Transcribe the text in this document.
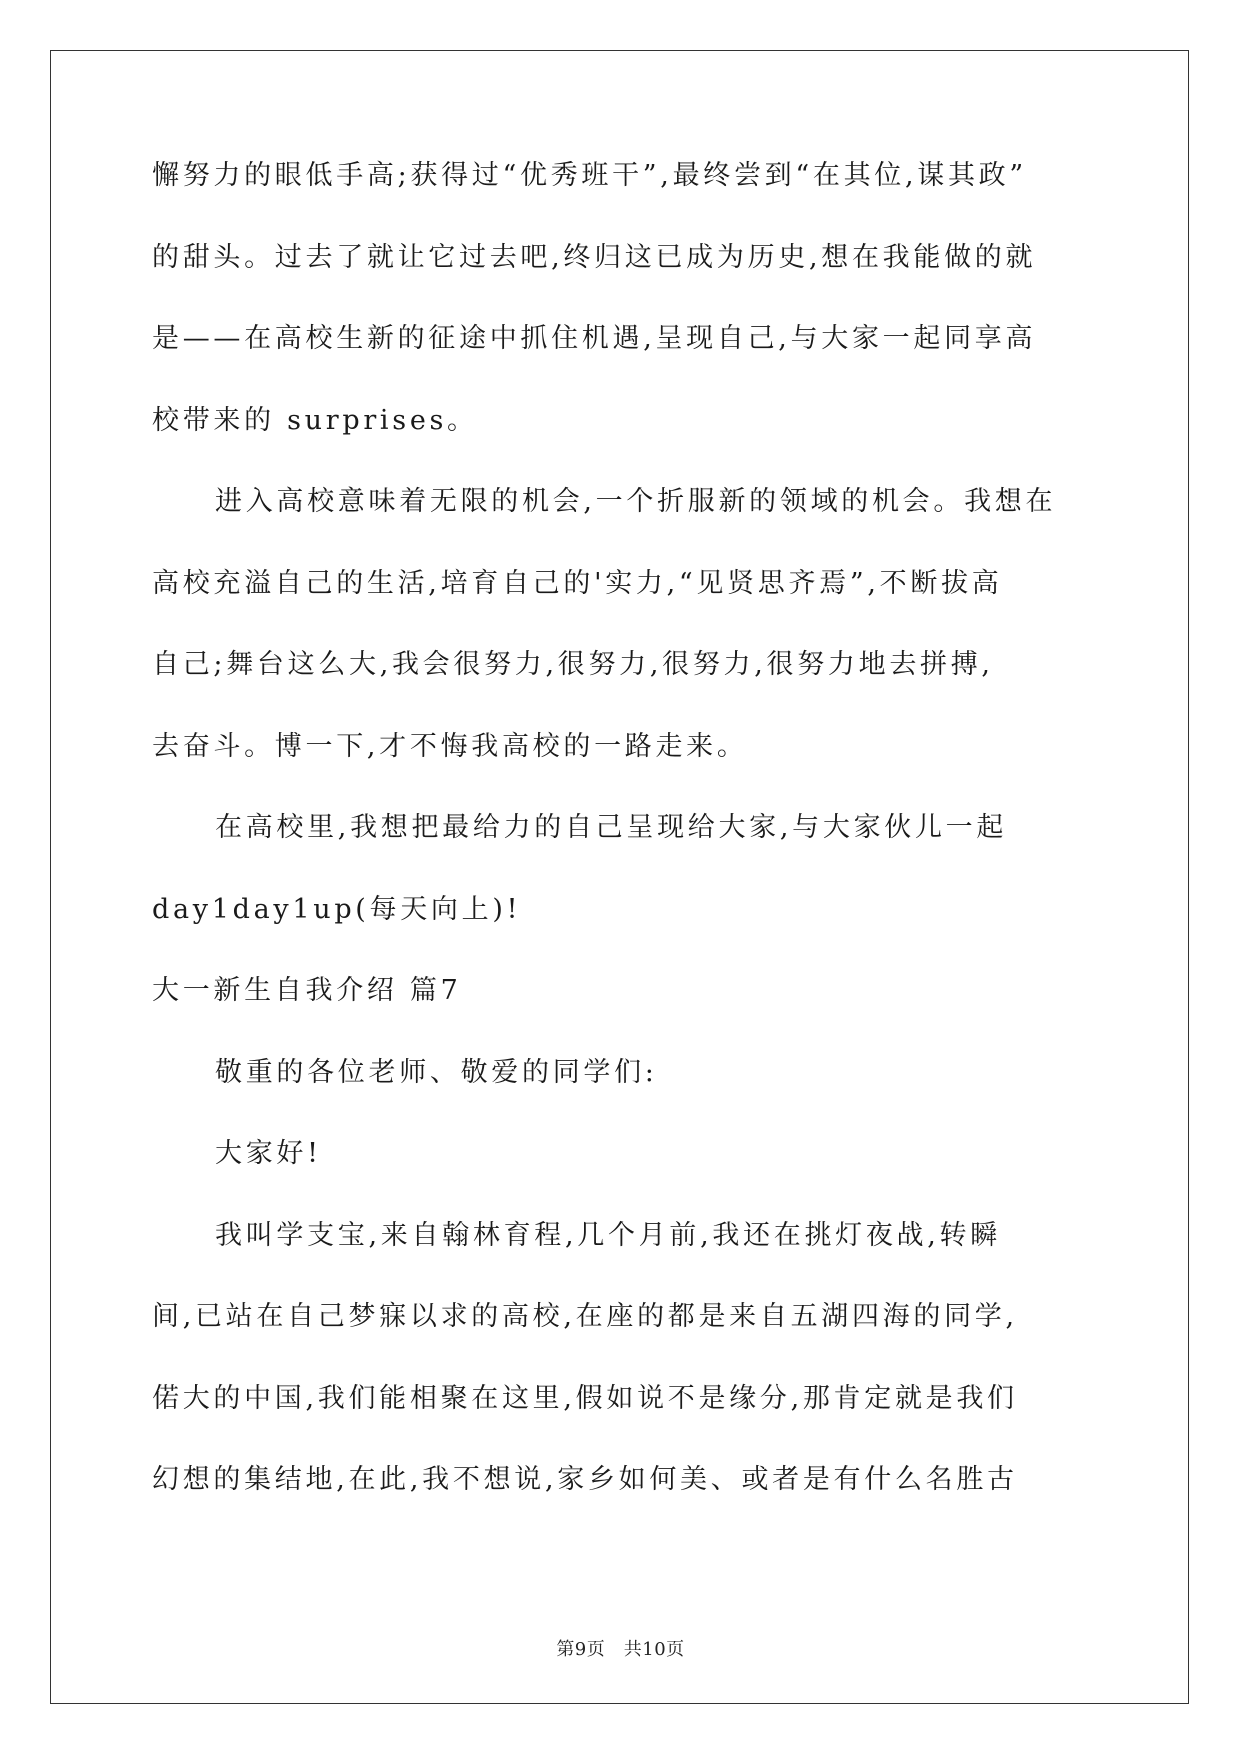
懈努力的眼低手高;获得过“优秀班干”,最终尝到“在其位,谋其政”
的甜头。过去了就让它过去吧,终归这已成为历史,想在我能做的就
是——在高校生新的征途中抓住机遇,呈现自己,与大家一起同享高
校带来的 surprises。
进入高校意味着无限的机会,一个折服新的领域的机会。我想在
高校充溢自己的生活,培育自己的'实力,“见贤思齐焉”,不断拔高
自己;舞台这么大,我会很努力,很努力,很努力,很努力地去拼搏,
去奋斗。博一下,才不悔我高校的一路走来。
在高校里,我想把最给力的自己呈现给大家,与大家伙儿一起
day1day1up(每天向上)!
大一新生自我介绍 篇7
敬重的各位老师、敬爱的同学们:
大家好!
我叫学支宝,来自翰林育程,几个月前,我还在挑灯夜战,转瞬
间,已站在自己梦寐以求的高校,在座的都是来自五湖四海的同学,
偌大的中国,我们能相聚在这里,假如说不是缘分,那肯定就是我们
幻想的集结地,在此,我不想说,家乡如何美、或者是有什么名胜古
第9页　共10页
